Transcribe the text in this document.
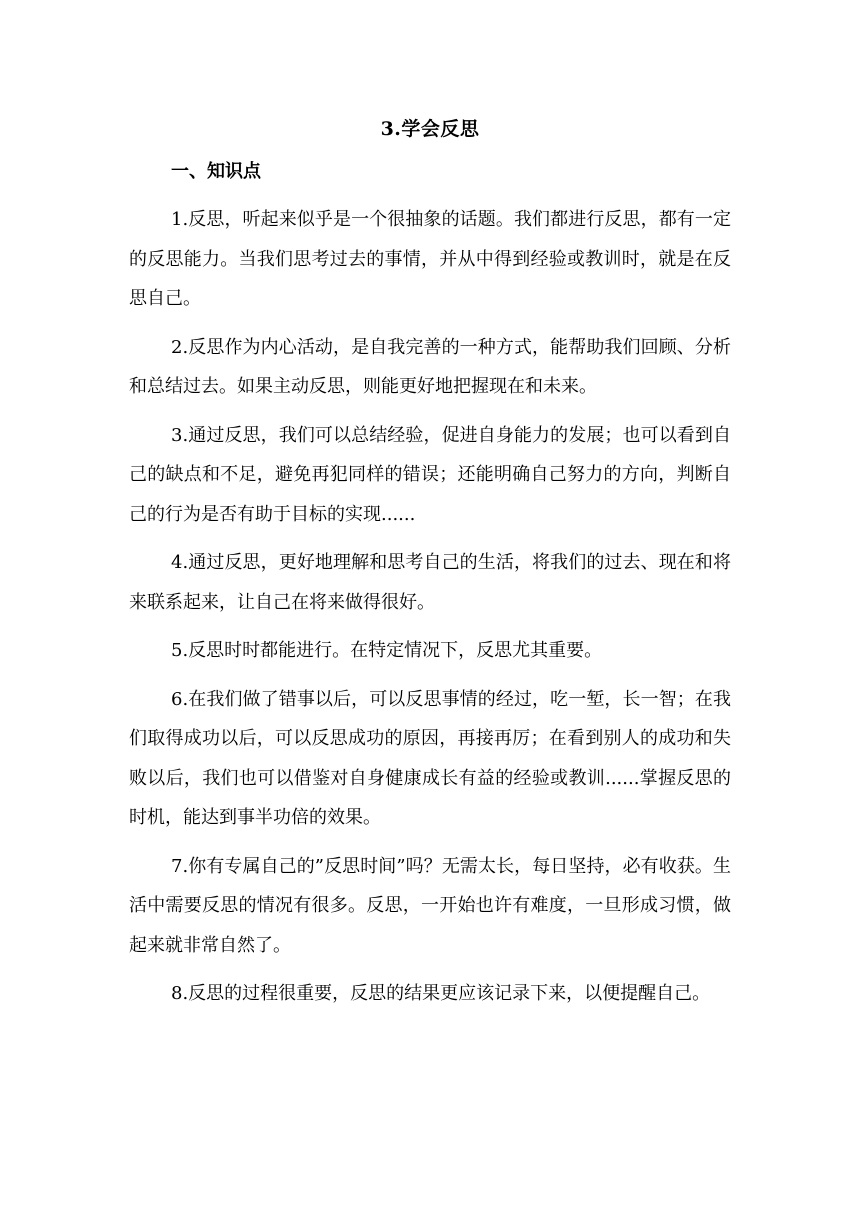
3.学会反思
一、知识点

1.反思，听起来似乎是一个很抽象的话题。我们都进行反思，都有一定的反思能力。当我们思考过去的事情，并从中得到经验或教训时，就是在反思自己。

2.反思作为内心活动，是自我完善的一种方式，能帮助我们回顾、分析和总结过去。如果主动反思，则能更好地把握现在和未来。

3.通过反思，我们可以总结经验，促进自身能力的发展；也可以看到自己的缺点和不足，避免再犯同样的错误；还能明确自己努力的方向，判断自己的行为是否有助于目标的实现......

4.通过反思，更好地理解和思考自己的生活，将我们的过去、现在和将来联系起来，让自己在将来做得很好。

5.反思时时都能进行。在特定情况下，反思尤其重要。

6.在我们做了错事以后，可以反思事情的经过，吃一堑，长一智；在我们取得成功以后，可以反思成功的原因，再接再厉；在看到别人的成功和失败以后，我们也可以借鉴对自身健康成长有益的经验或教训......掌握反思的时机，能达到事半功倍的效果。

7.你有专属自己的”反思时间”吗？无需太长，每日坚持，必有收获。生活中需要反思的情况有很多。反思，一开始也许有难度，一旦形成习惯，做起来就非常自然了。

8.反思的过程很重要，反思的结果更应该记录下来，以便提醒自己。
